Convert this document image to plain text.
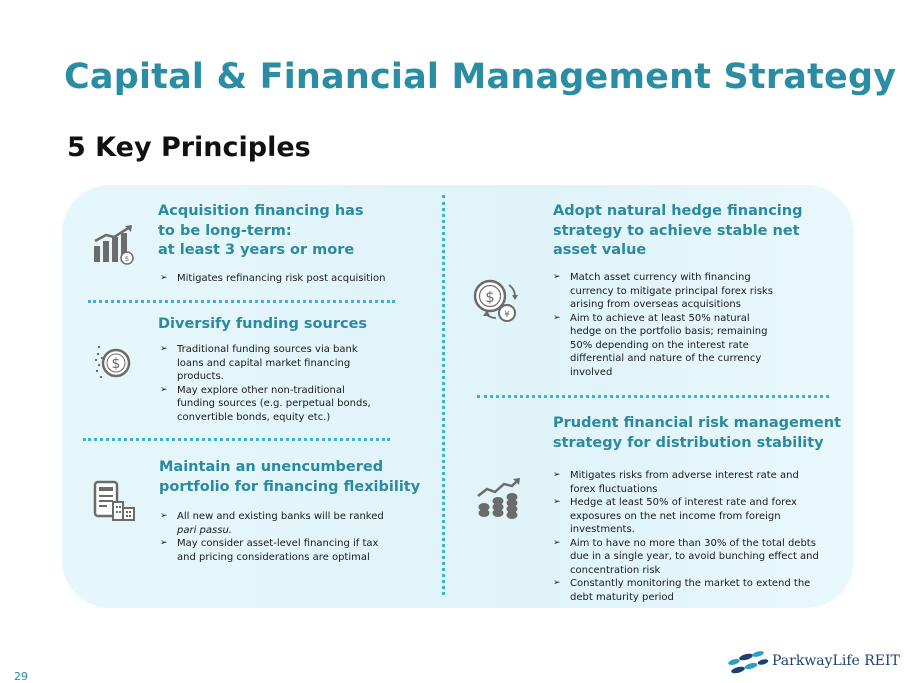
Capital & Financial Management Strategy
5 Key Principles
$
Acquisition financing has
to be long-term:
at least 3 years or more
➢ Mitigates refinancing risk post acquisition
$
Diversify funding sources
➢ Traditional funding sources via bank
loans and capital market financing
products.
➢ May explore other non-traditional
funding sources (e.g. perpetual bonds,
convertible bonds, equity etc.)
Maintain an unencumbered
portfolio for financing flexibility
➢ All new and existing banks will be ranked
pari passu.
➢ May consider asset-level financing if tax
and pricing considerations are optimal
$
¥
Adopt natural hedge financing
strategy to achieve stable net
asset value
➢ Match asset currency with financing
currency to mitigate principal forex risks
arising from overseas acquisitions
➢ Aim to achieve at least 50% natural
hedge on the portfolio basis; remaining
50% depending on the interest rate
differential and nature of the currency
involved
Prudent financial risk management
strategy for distribution stability
➢ Mitigates risks from adverse interest rate and
forex fluctuations
➢ Hedge at least 50% of interest rate and forex
exposures on the net income from foreign
investments.
➢ Aim to have no more than 30% of the total debts
due in a single year, to avoid bunching effect and
concentration risk
➢ Constantly monitoring the market to extend the
debt maturity period
29
ParkwayLife REIT
